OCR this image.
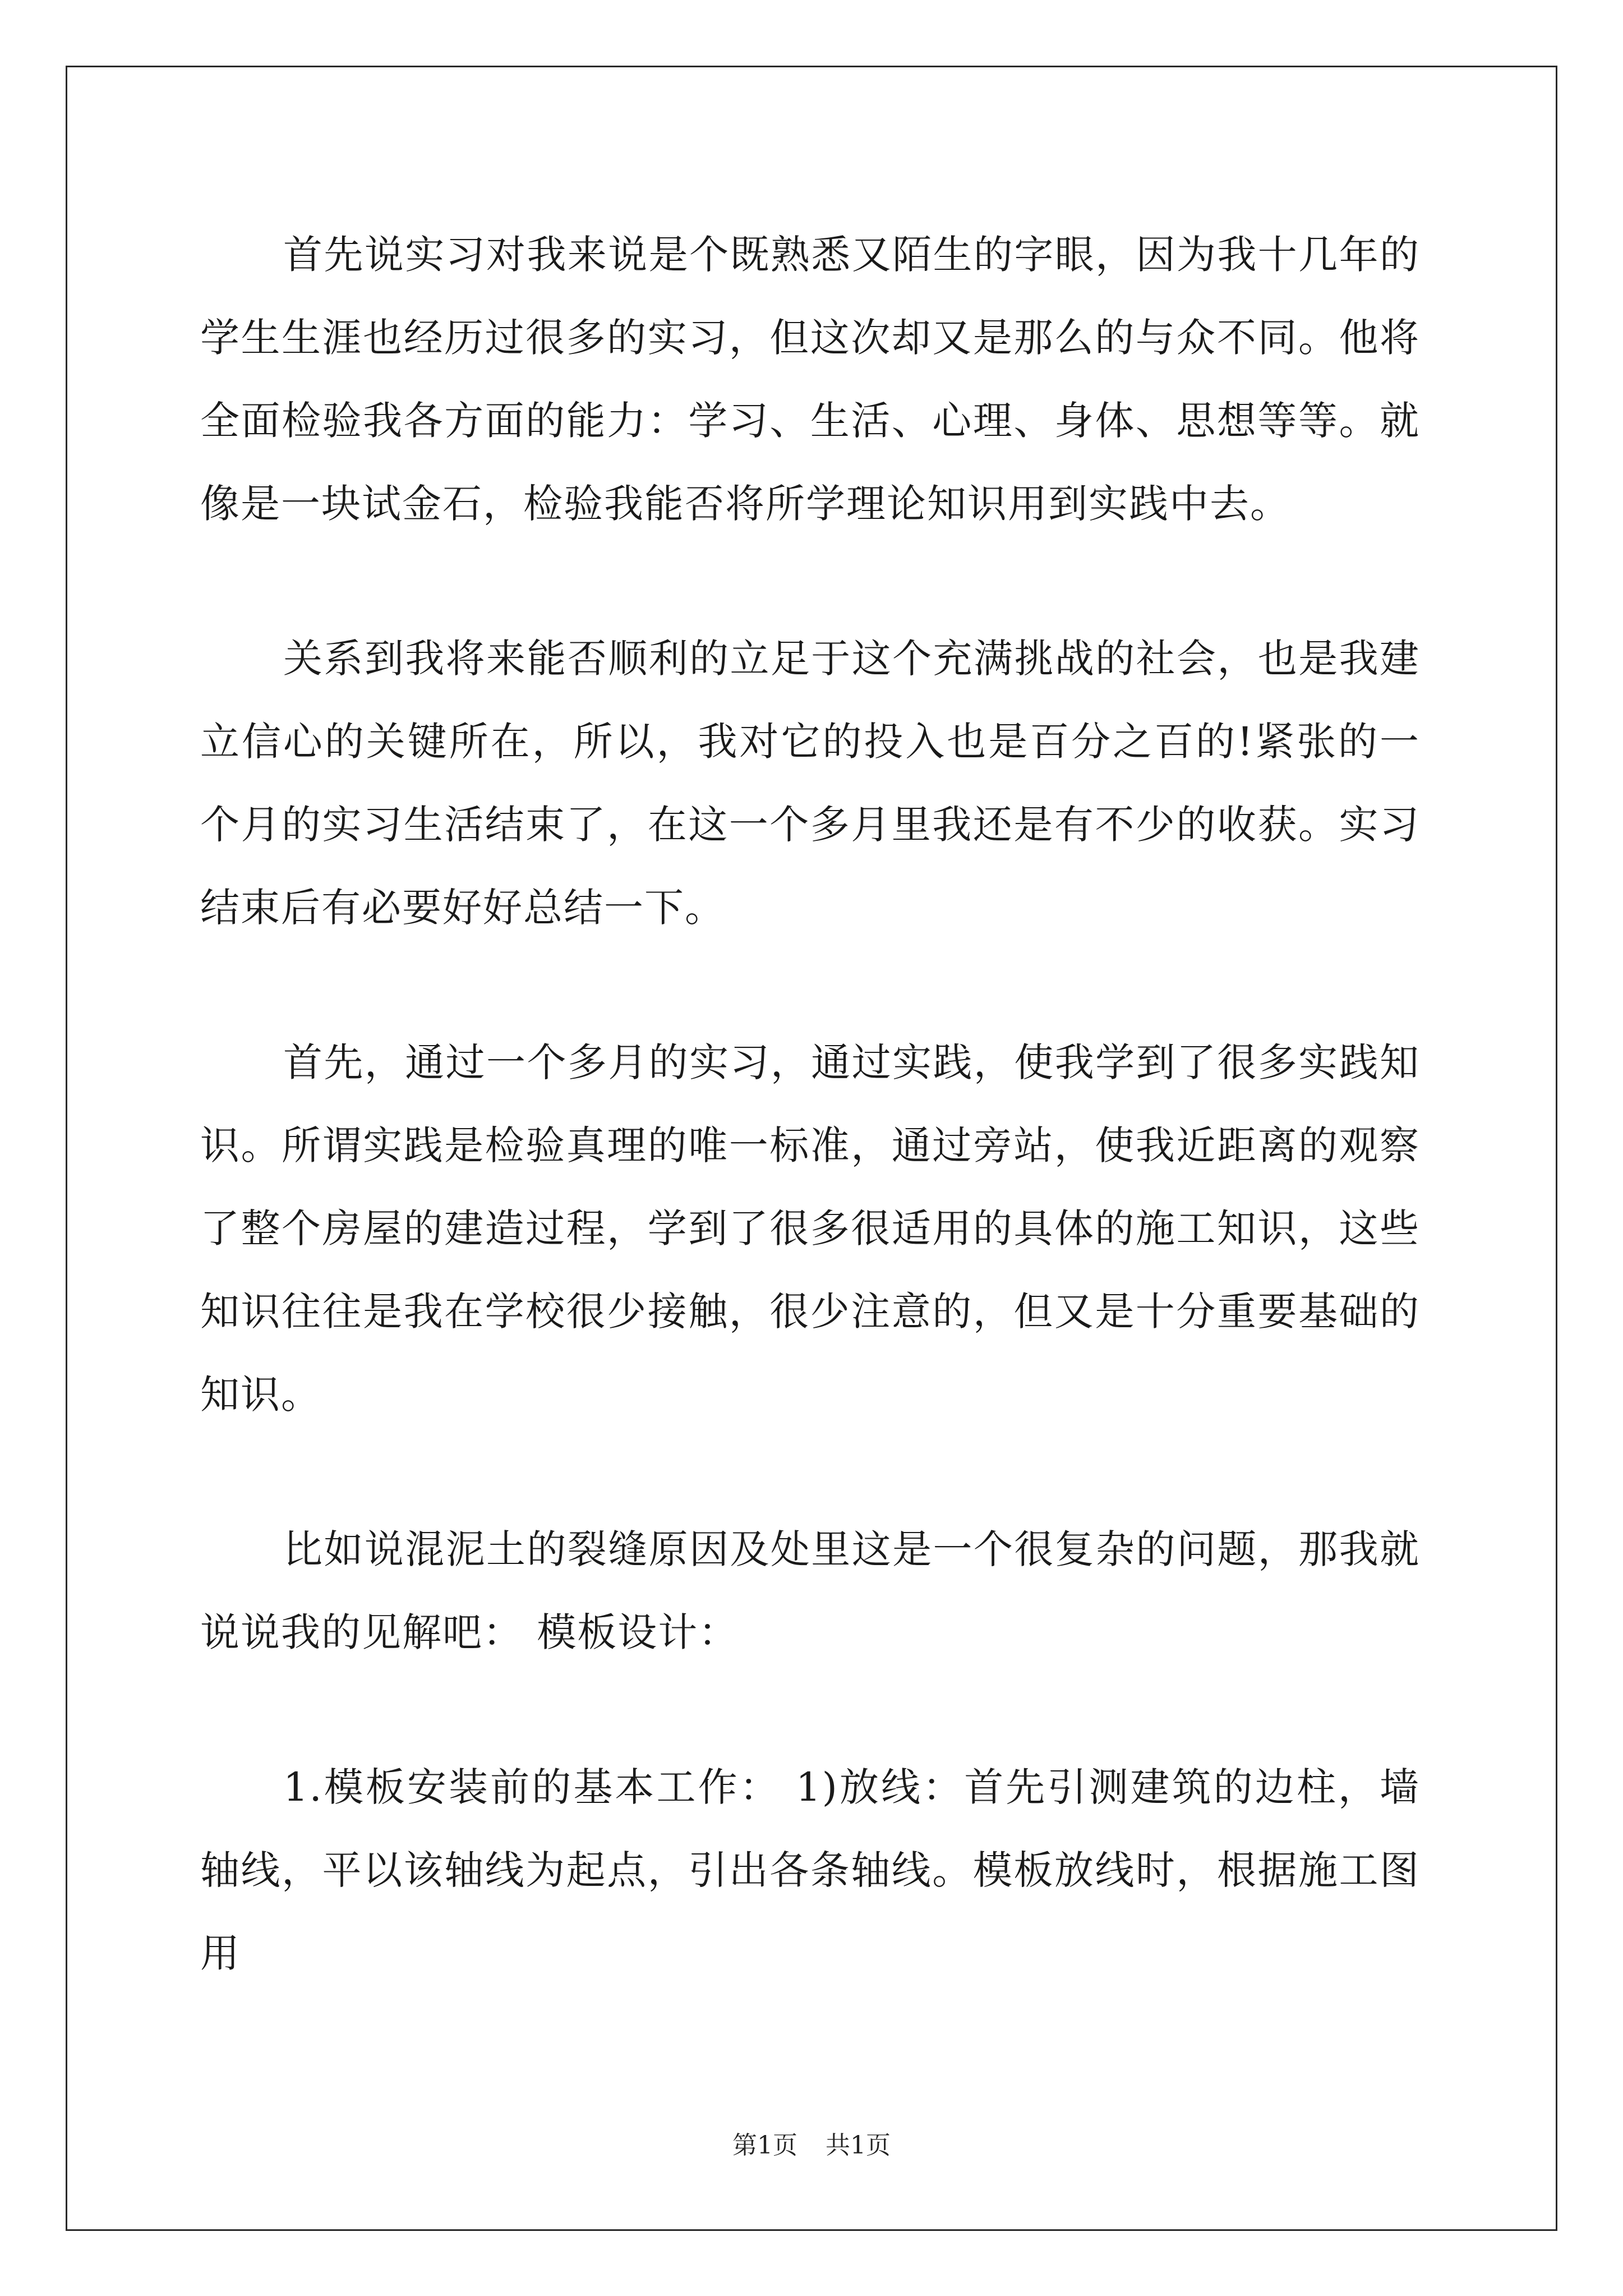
首先说实习对我来说是个既熟悉又陌生的字眼，因为我十几年的学生生涯也经历过很多的实习，但这次却又是那么的与众不同。他将全面检验我各方面的能力：学习、生活、心理、身体、思想等等。就像是一块试金石，检验我能否将所学理论知识用到实践中去。

关系到我将来能否顺利的立足于这个充满挑战的社会，也是我建立信心的关键所在，所以，我对它的投入也是百分之百的!紧张的一个月的实习生活结束了，在这一个多月里我还是有不少的收获。实习结束后有必要好好总结一下。

首先，通过一个多月的实习，通过实践，使我学到了很多实践知识。所谓实践是检验真理的唯一标准，通过旁站，使我近距离的观察了整个房屋的建造过程，学到了很多很适用的具体的施工知识，这些知识往往是我在学校很少接触，很少注意的，但又是十分重要基础的知识。

比如说混泥土的裂缝原因及处里这是一个很复杂的问题，那我就说说我的见解吧： 模板设计：

1.模板安装前的基本工作： 1)放线：首先引测建筑的边柱，墙轴线，平以该轴线为起点，引出各条轴线。模板放线时，根据施工图用

第1页 共1页
